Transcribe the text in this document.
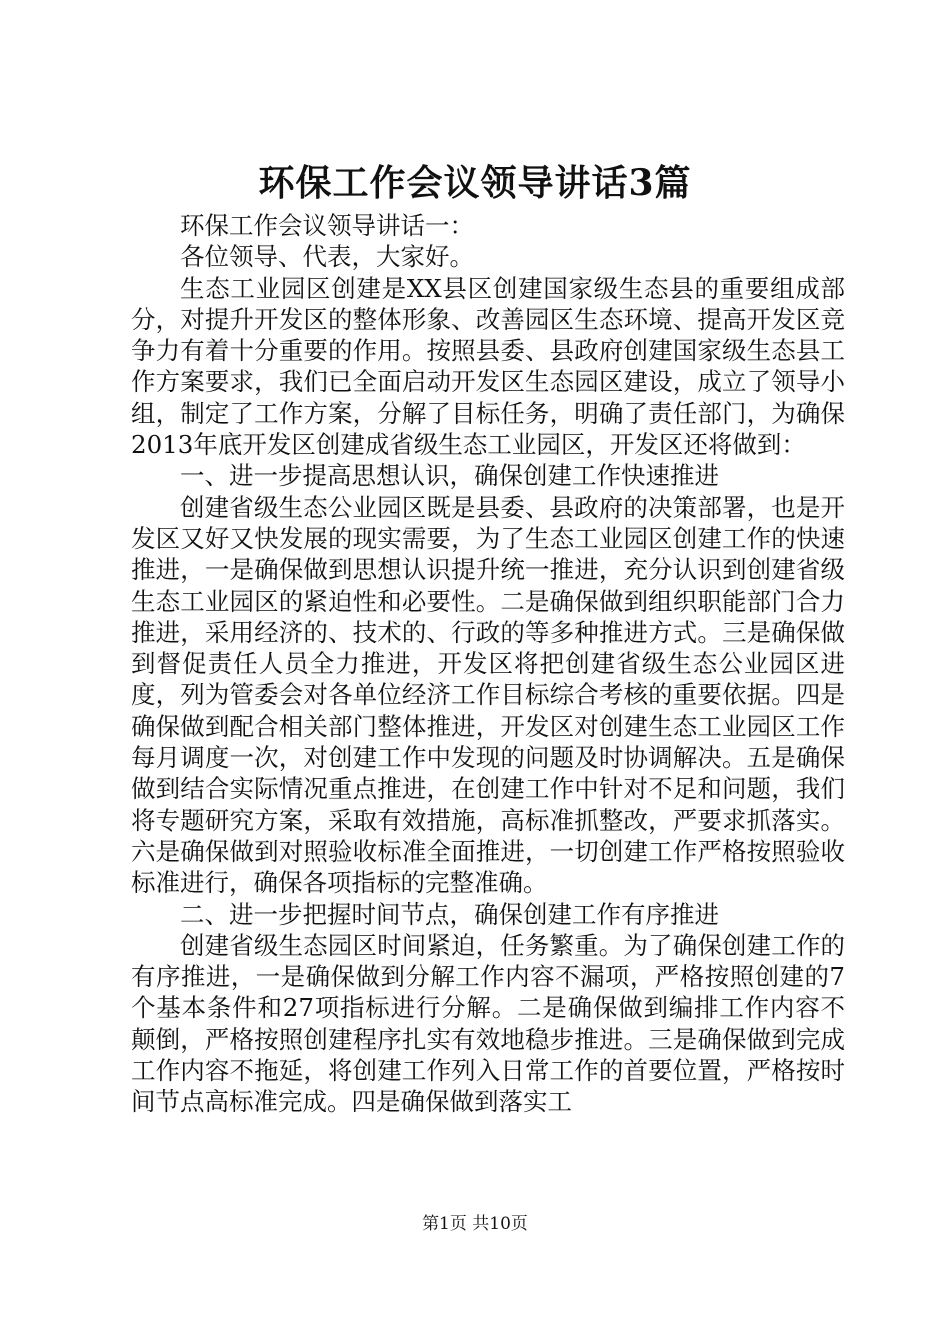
环保工作会议领导讲话3篇

环保工作会议领导讲话一：

各位领导、代表，大家好。

生态工业园区创建是XX县区创建国家级生态县的重要组成部分，对提升开发区的整体形象、改善园区生态环境、提高开发区竞争力有着十分重要的作用。按照县委、县政府创建国家级生态县工作方案要求，我们已全面启动开发区生态园区建设，成立了领导小组，制定了工作方案，分解了目标任务，明确了责任部门，为确保2013年底开发区创建成省级生态工业园区，开发区还将做到：

一、进一步提高思想认识，确保创建工作快速推进

创建省级生态公业园区既是县委、县政府的决策部署，也是开发区又好又快发展的现实需要，为了生态工业园区创建工作的快速推进，一是确保做到思想认识提升统一推进，充分认识到创建省级生态工业园区的紧迫性和必要性。二是确保做到组织职能部门合力推进，采用经济的、技术的、行政的等多种推进方式。三是确保做到督促责任人员全力推进，开发区将把创建省级生态公业园区进度，列为管委会对各单位经济工作目标综合考核的重要依据。四是确保做到配合相关部门整体推进，开发区对创建生态工业园区工作每月调度一次，对创建工作中发现的问题及时协调解决。五是确保做到结合实际情况重点推进，在创建工作中针对不足和问题，我们将专题研究方案，采取有效措施，高标准抓整改，严要求抓落实。六是确保做到对照验收标准全面推进，一切创建工作严格按照验收标准进行，确保各项指标的完整准确。

二、进一步把握时间节点，确保创建工作有序推进

创建省级生态园区时间紧迫，任务繁重。为了确保创建工作的有序推进，一是确保做到分解工作内容不漏项，严格按照创建的7个基本条件和27项指标进行分解。二是确保做到编排工作内容不颠倒，严格按照创建程序扎实有效地稳步推进。三是确保做到完成工作内容不拖延，将创建工作列入日常工作的首要位置，严格按时间节点高标准完成。四是确保做到落实工

第1页 共10页
